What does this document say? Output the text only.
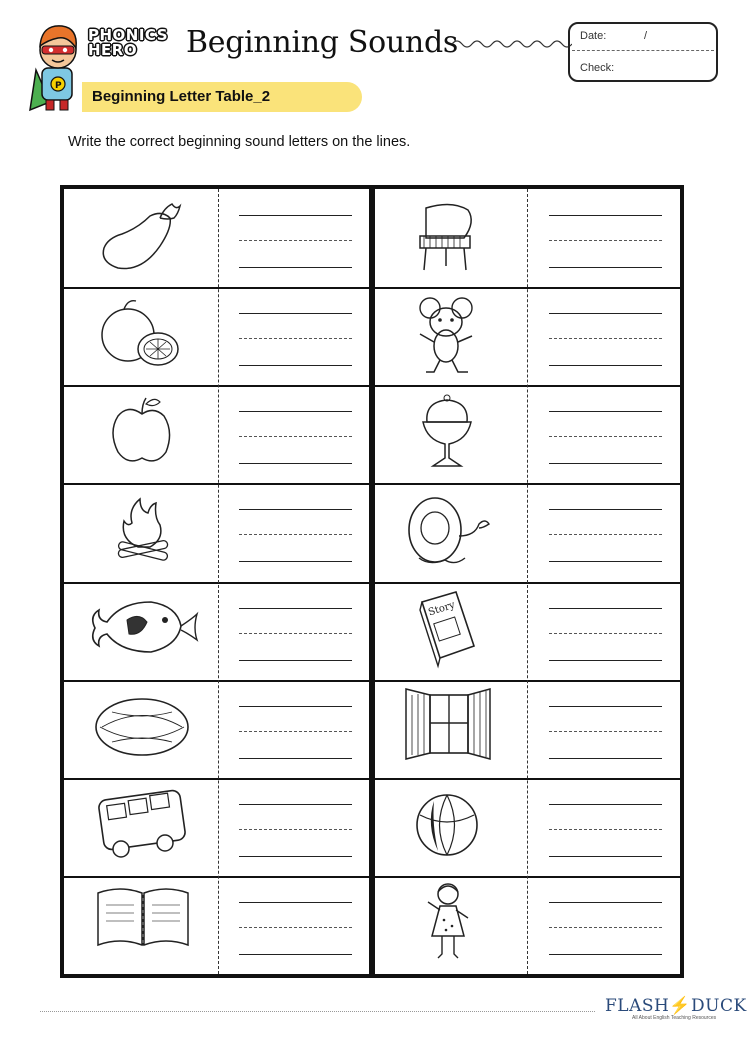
P
PHONICS
HERO	Beginning Sounds
Beginning Letter Table_2
Date:	/
Check:
Write the correct beginning sound letters on the lines.
Story
FLASH⚡DUCK
All About English Teaching Resources
